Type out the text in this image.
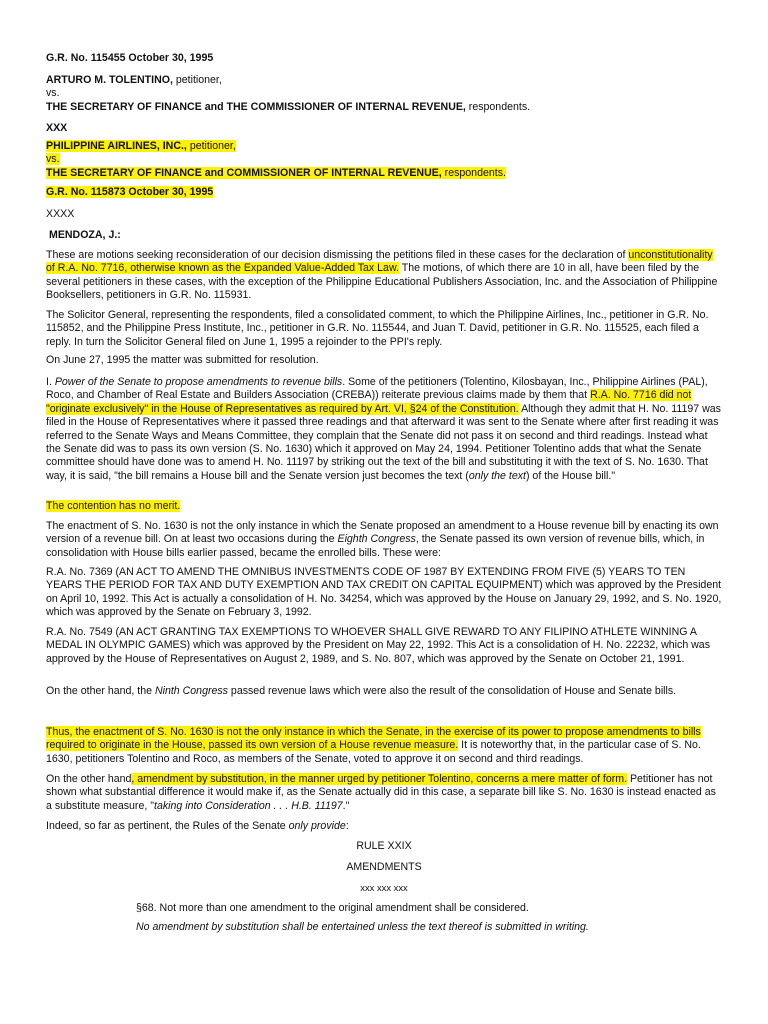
G.R. No. 115455 October 30, 1995
ARTURO M. TOLENTINO, petitioner,
vs.
THE SECRETARY OF FINANCE and THE COMMISSIONER OF INTERNAL REVENUE, respondents.
XXX
PHILIPPINE AIRLINES, INC., petitioner,
vs.
THE SECRETARY OF FINANCE and COMMISSIONER OF INTERNAL REVENUE, respondents.
G.R. No. 115873 October 30, 1995
XXXX
MENDOZA, J.:
These are motions seeking reconsideration of our decision dismissing the petitions filed in these cases for the declaration of unconstitutionality of R.A. No. 7716, otherwise known as the Expanded Value-Added Tax Law. The motions, of which there are 10 in all, have been filed by the several petitioners in these cases, with the exception of the Philippine Educational Publishers Association, Inc. and the Association of Philippine Booksellers, petitioners in G.R. No. 115931.
The Solicitor General, representing the respondents, filed a consolidated comment, to which the Philippine Airlines, Inc., petitioner in G.R. No. 115852, and the Philippine Press Institute, Inc., petitioner in G.R. No. 115544, and Juan T. David, petitioner in G.R. No. 115525, each filed a reply. In turn the Solicitor General filed on June 1, 1995 a rejoinder to the PPI's reply.
On June 27, 1995 the matter was submitted for resolution.
I. Power of the Senate to propose amendments to revenue bills. Some of the petitioners (Tolentino, Kilosbayan, Inc., Philippine Airlines (PAL), Roco, and Chamber of Real Estate and Builders Association (CREBA)) reiterate previous claims made by them that R.A. No. 7716 did not "originate exclusively" in the House of Representatives as required by Art. VI, §24 of the Constitution. Although they admit that H. No. 11197 was filed in the House of Representatives where it passed three readings and that afterward it was sent to the Senate where after first reading it was referred to the Senate Ways and Means Committee, they complain that the Senate did not pass it on second and third readings. Instead what the Senate did was to pass its own version (S. No. 1630) which it approved on May 24, 1994. Petitioner Tolentino adds that what the Senate committee should have done was to amend H. No. 11197 by striking out the text of the bill and substituting it with the text of S. No. 1630. That way, it is said, "the bill remains a House bill and the Senate version just becomes the text (only the text) of the House bill."
The contention has no merit.
The enactment of S. No. 1630 is not the only instance in which the Senate proposed an amendment to a House revenue bill by enacting its own version of a revenue bill. On at least two occasions during the Eighth Congress, the Senate passed its own version of revenue bills, which, in consolidation with House bills earlier passed, became the enrolled bills. These were:
R.A. No. 7369 (AN ACT TO AMEND THE OMNIBUS INVESTMENTS CODE OF 1987 BY EXTENDING FROM FIVE (5) YEARS TO TEN YEARS THE PERIOD FOR TAX AND DUTY EXEMPTION AND TAX CREDIT ON CAPITAL EQUIPMENT) which was approved by the President on April 10, 1992. This Act is actually a consolidation of H. No. 34254, which was approved by the House on January 29, 1992, and S. No. 1920, which was approved by the Senate on February 3, 1992.
R.A. No. 7549 (AN ACT GRANTING TAX EXEMPTIONS TO WHOEVER SHALL GIVE REWARD TO ANY FILIPINO ATHLETE WINNING A MEDAL IN OLYMPIC GAMES) which was approved by the President on May 22, 1992. This Act is a consolidation of H. No. 22232, which was approved by the House of Representatives on August 2, 1989, and S. No. 807, which was approved by the Senate on October 21, 1991.
On the other hand, the Ninth Congress passed revenue laws which were also the result of the consolidation of House and Senate bills.
Thus, the enactment of S. No. 1630 is not the only instance in which the Senate, in the exercise of its power to propose amendments to bills required to originate in the House, passed its own version of a House revenue measure. It is noteworthy that, in the particular case of S. No. 1630, petitioners Tolentino and Roco, as members of the Senate, voted to approve it on second and third readings.
On the other hand, amendment by substitution, in the manner urged by petitioner Tolentino, concerns a mere matter of form. Petitioner has not shown what substantial difference it would make if, as the Senate actually did in this case, a separate bill like S. No. 1630 is instead enacted as a substitute measure, "taking into Consideration . . . H.B. 11197."
Indeed, so far as pertinent, the Rules of the Senate only provide:
RULE XXIX
AMENDMENTS
xxx xxx xxx
§68. Not more than one amendment to the original amendment shall be considered.
No amendment by substitution shall be entertained unless the text thereof is submitted in writing.
